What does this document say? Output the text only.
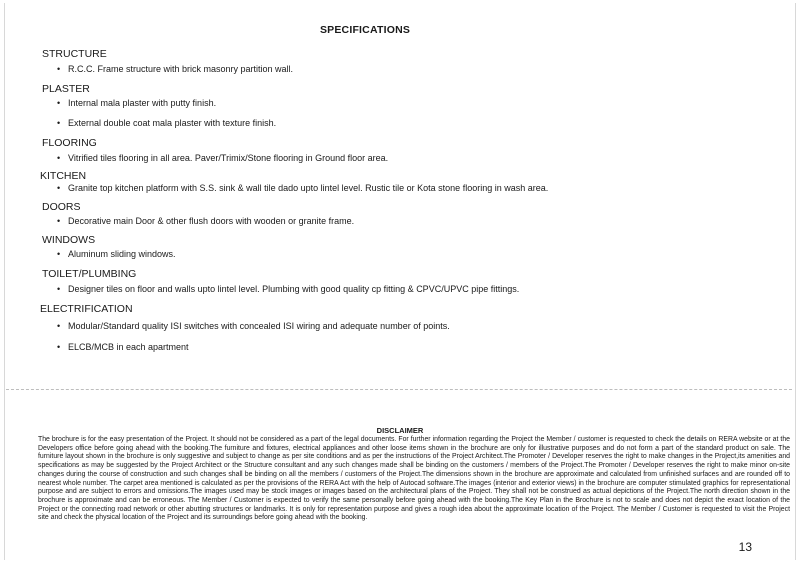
SPECIFICATIONS
STRUCTURE
• R.C.C. Frame structure with brick masonry partition wall.
PLASTER
• Internal mala plaster with putty finish.
• External double coat mala plaster with texture finish.
FLOORING
• Vitrified tiles flooring in all area. Paver/Trimix/Stone flooring in Ground floor area.
KITCHEN
• Granite top kitchen platform with S.S. sink & wall tile dado upto lintel level. Rustic tile or Kota stone flooring in wash area.
DOORS
• Decorative main Door & other flush doors with wooden or granite frame.
WINDOWS
• Aluminum sliding windows.
TOILET/PLUMBING
• Designer tiles on floor and walls upto lintel level. Plumbing with good quality cp fitting & CPVC/UPVC pipe fittings.
ELECTRIFICATION
• Modular/Standard quality ISI switches with concealed ISI wiring and adequate number of points.
• ELCB/MCB in each apartment
DISCLAIMER
The brochure is for the easy presentation of the Project. It should not be considered as a part of the legal documents. For further information regarding the Project the Member / customer is requested to check the details on RERA website or at the Developers office before going ahead with the booking.The furniture and fixtures, electrical appliances and other loose items shown in the brochure are only for illustrative purposes and do not form a part of the standard product on sale. The furniture layout shown in the brochure is only suggestive and subject to change as per site conditions and as per the instructions of the Project Architect.The Promoter / Developer reserves the right to make changes in the Project,its amenities and specifications as may be suggested by the Project Architect or the Structure consultant and any such changes made shall be binding on the customers / members of the Project.The Promoter / Developer reserves the right to make minor on-site changes during the course of construction and such changes shall be binding on all the members / customers of the Project.The dimensions shown in the brochure are approximate and calculated from unfinished surfaces and are rounded off to nearest whole number. The carpet area mentioned is calculated as per the provisions of the RERA Act with the help of Autocad software.The images (interior and exterior views) in the brochure are computer stimulated graphics for representational purpose and are subject to errors and omissions.The images used may be stock images or images based on the architectural plans of the Project. They shall not be construed as actual depictions of the Project.The north direction shown in the brochure is approximate and can be erroneous. The Member / Customer is expected to verify the same personally before going ahead with the booking.The Key Plan in the Brochure is not to scale and does not depict the exact location of the Project or the connecting road network or other abutting structures or landmarks. It is only for representation purpose and gives a rough idea about the approximate location of the Project. The Member / Customer is requested to visit the Project site and check the physical location of the Project and its surroundings before going ahead with the booking.
13
